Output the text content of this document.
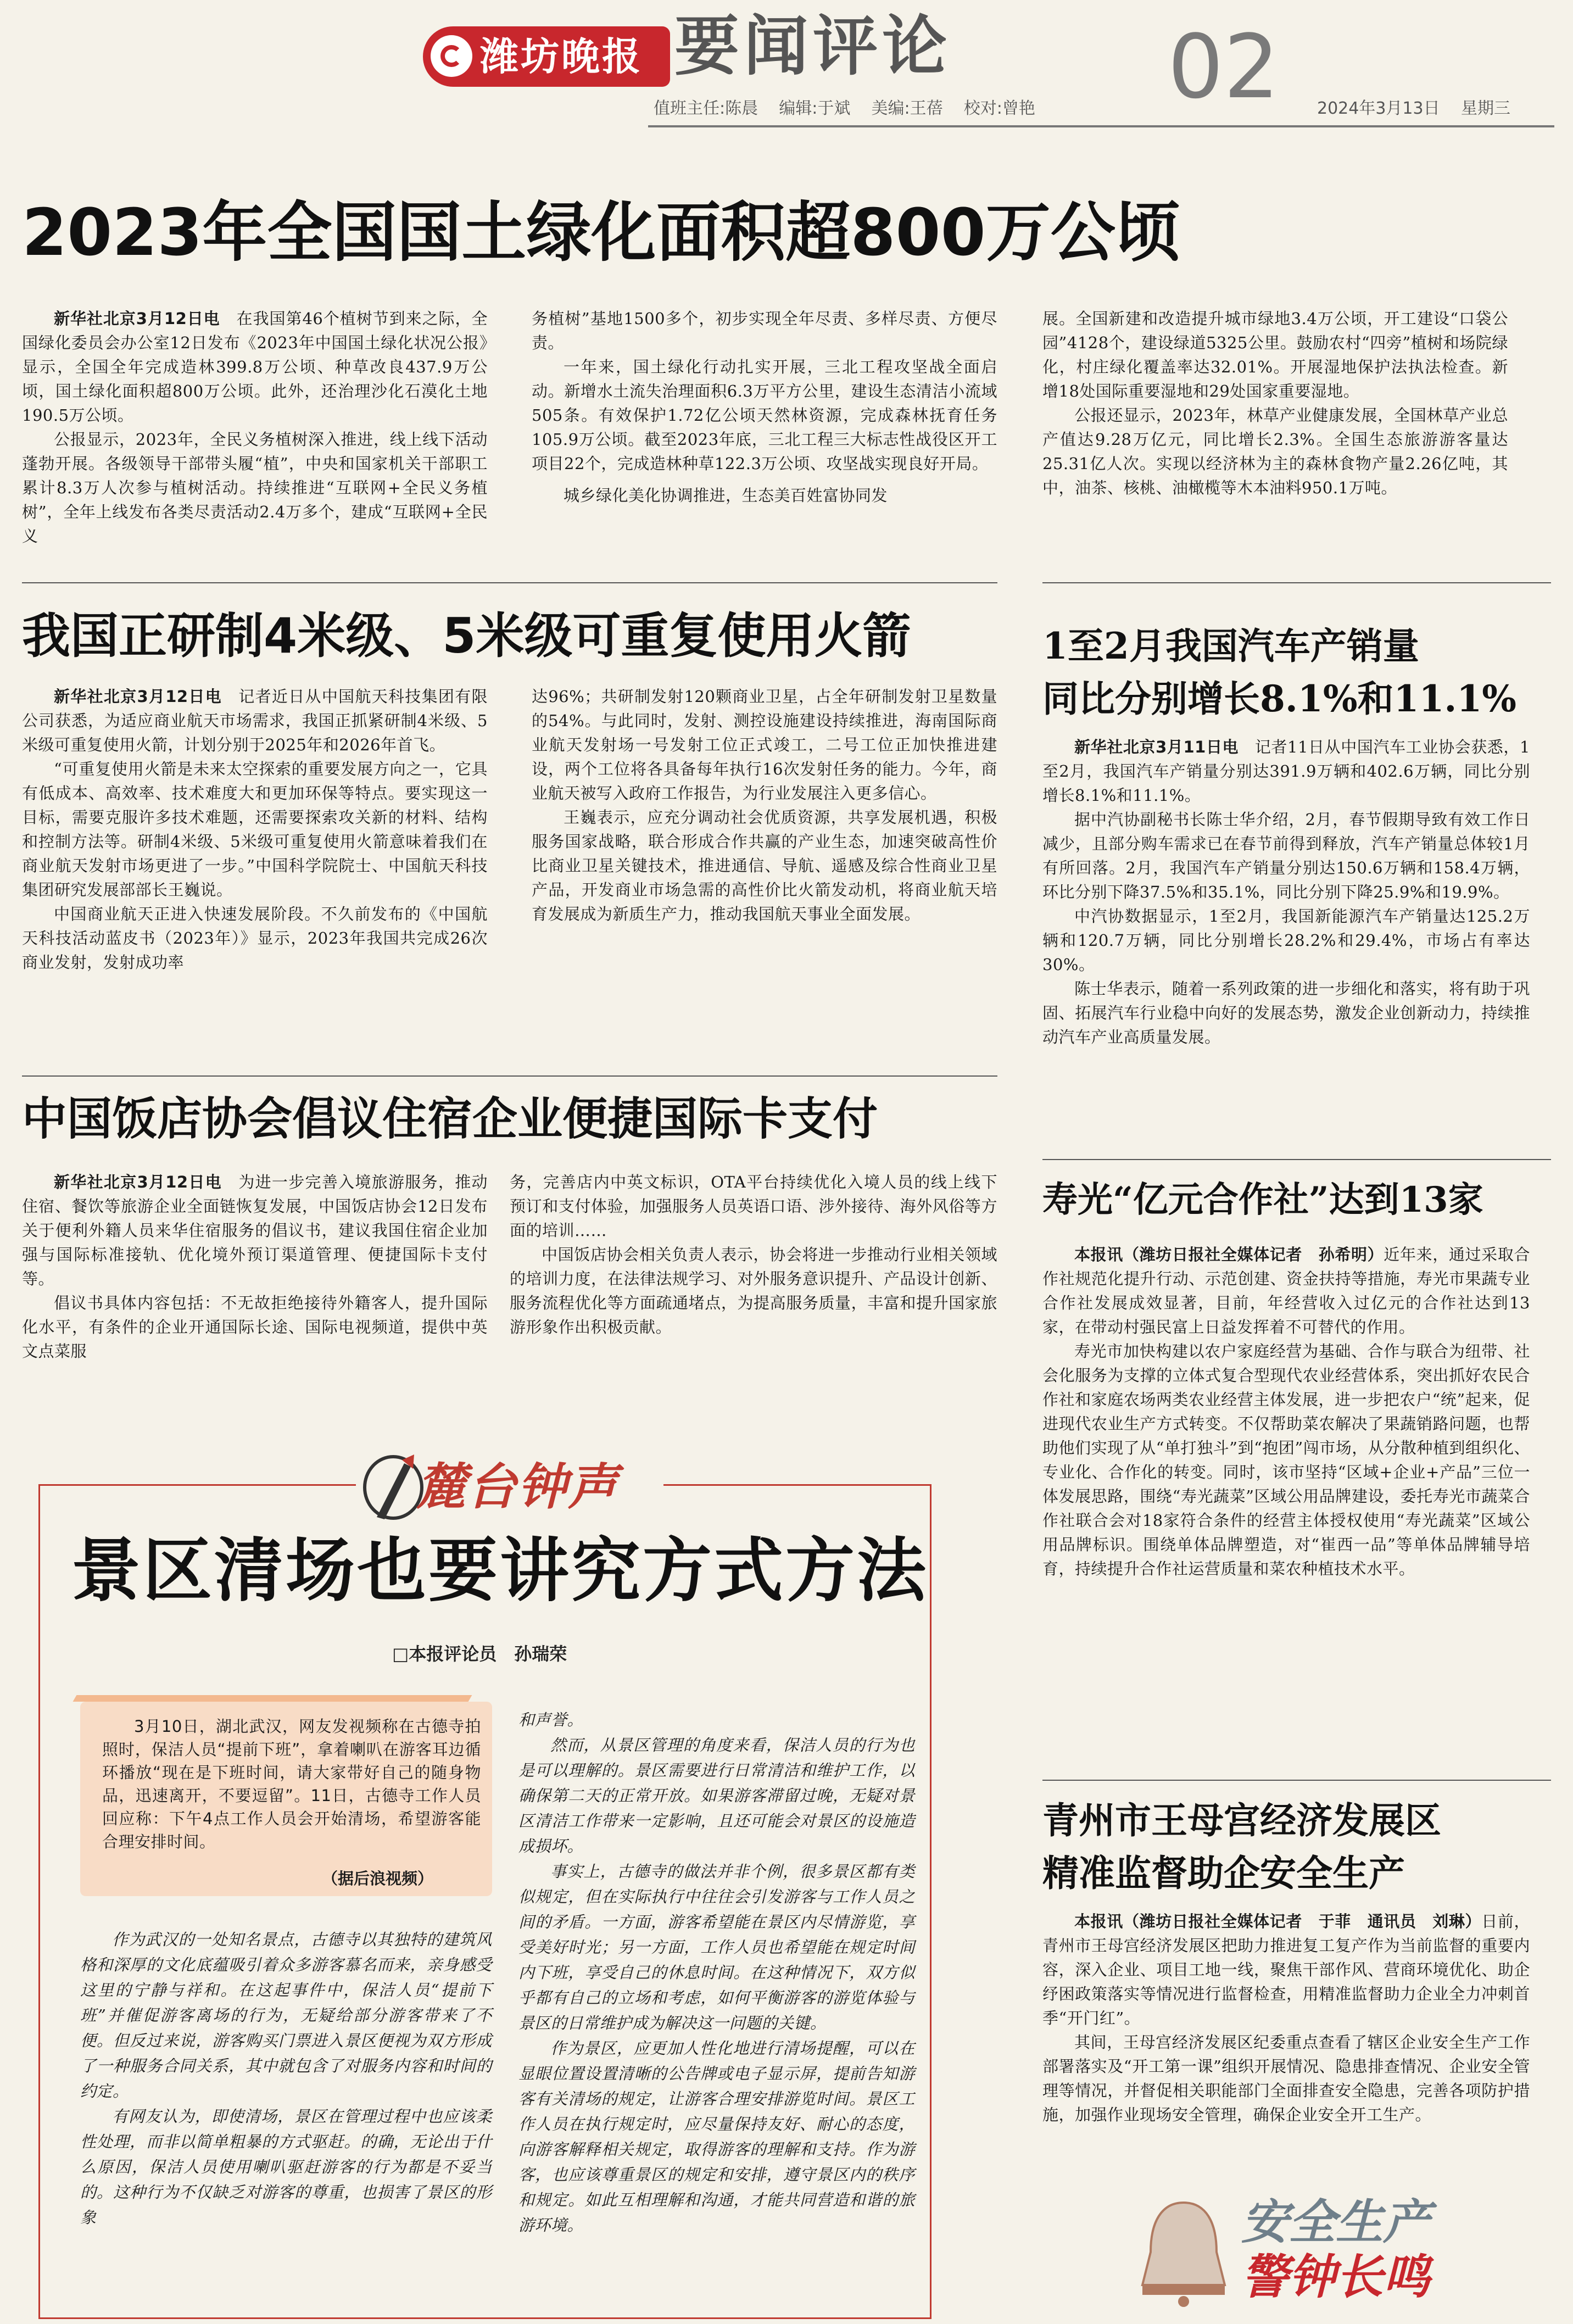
潍坊晚报 要闻评论 02
值班主任:陈晨    编辑:于斌    美编:王蓓    校对:曾艳	2024年3月13日 星期三
2023年全国国土绿化面积超800万公顷

新华社北京3月12日电　 在我国第46个植树节到来之际，全国绿化委员会办公室12日发布《2023年中国国土绿化状况公报》显示，全国全年完成造林399.8万公顷、种草改良437.9万公顷，国土绿化面积超800万公顷。此外，还治理沙化石漠化土地190.5万公顷。

公报显示，2023年，全民义务植树深入推进，线上线下活动蓬勃开展。各级领导干部带头履“植”，中央和国家机关干部职工累计8.3万人次参与植树活动。持续推进“互联网+全民义务植树”，全年上线发布各类尽责活动2.4万多个，建成“互联网+全民义

务植树”基地1500多个，初步实现全年尽责、多样尽责、方便尽责。

一年来，国土绿化行动扎实开展，三北工程攻坚战全面启动。新增水土流失治理面积6.3万平方公里，建设生态清洁小流域505条。有效保护1.72亿公顷天然林资源，完成森林抚育任务105.9万公顷。截至2023年底，三北工程三大标志性战役区开工项目22个，完成造林种草122.3万公顷、攻坚战实现良好开局。

城乡绿化美化协调推进，生态美百姓富协同发

展。全国新建和改造提升城市绿地3.4万公顷，开工建设“口袋公园”4128个，建设绿道5325公里。鼓励农村“四旁”植树和场院绿化，村庄绿化覆盖率达32.01%。开展湿地保护法执法检查。新增18处国际重要湿地和29处国家重要湿地。

公报还显示，2023年，林草产业健康发展，全国林草产业总产值达9.28万亿元，同比增长2.3%。全国生态旅游游客量达25.31亿人次。实现以经济林为主的森林食物产量2.26亿吨，其中，油茶、核桃、油橄榄等木本油料950.1万吨。

我国正研制4米级、5米级可重复使用火箭

新华社北京3月12日电　 记者近日从中国航天科技集团有限公司获悉，为适应商业航天市场需求，我国正抓紧研制4米级、5米级可重复使用火箭，计划分别于2025年和2026年首飞。

“可重复使用火箭是未来太空探索的重要发展方向之一，它具有低成本、高效率、技术难度大和更加环保等特点。要实现这一目标，需要克服许多技术难题，还需要探索攻关新的材料、结构和控制方法等。研制4米级、5米级可重复使用火箭意味着我们在商业航天发射市场更进了一步。”中国科学院院士、中国航天科技集团研究发展部部长王巍说。

中国商业航天正进入快速发展阶段。不久前发布的《中国航天科技活动蓝皮书（2023年）》显示，2023年我国共完成26次商业发射，发射成功率

达96%；共研制发射120颗商业卫星，占全年研制发射卫星数量的54%。与此同时，发射、测控设施建设持续推进，海南国际商业航天发射场一号发射工位正式竣工，二号工位正加快推进建设，两个工位将各具备每年执行16次发射任务的能力。今年，商业航天被写入政府工作报告，为行业发展注入更多信心。

王巍表示，应充分调动社会优质资源，共享发展机遇，积极服务国家战略，联合形成合作共赢的产业生态，加速突破高性价比商业卫星关键技术，推进通信、导航、遥感及综合性商业卫星产品，开发商业市场急需的高性价比火箭发动机，将商业航天培育发展成为新质生产力，推动我国航天事业全面发展。

中国饭店协会倡议住宿企业便捷国际卡支付

新华社北京3月12日电　 为进一步完善入境旅游服务，推动住宿、餐饮等旅游企业全面链恢复发展，中国饭店协会12日发布关于便利外籍人员来华住宿服务的倡议书，建议我国住宿企业加强与国际标准接轨、优化境外预订渠道管理、便捷国际卡支付等。

倡议书具体内容包括：不无故拒绝接待外籍客人，提升国际化水平，有条件的企业开通国际长途、国际电视频道，提供中英文点菜服

务，完善店内中英文标识，OTA平台持续优化入境人员的线上线下预订和支付体验，加强服务人员英语口语、涉外接待、海外风俗等方面的培训……

中国饭店协会相关负责人表示，协会将进一步推动行业相关领域的培训力度，在法律法规学习、对外服务意识提升、产品设计创新、服务流程优化等方面疏通堵点，为提高服务质量，丰富和提升国家旅游形象作出积极贡献。

1至2月我国汽车产销量
同比分别增长8.1%和11.1%

新华社北京3月11日电　 记者11日从中国汽车工业协会获悉，1至2月，我国汽车产销量分别达391.9万辆和402.6万辆，同比分别增长8.1%和11.1%。

据中汽协副秘书长陈士华介绍，2月，春节假期导致有效工作日减少，且部分购车需求已在春节前得到释放，汽车产销量总体较1月有所回落。2月，我国汽车产销量分别达150.6万辆和158.4万辆，环比分别下降37.5%和35.1%，同比分别下降25.9%和19.9%。

中汽协数据显示，1至2月，我国新能源汽车产销量达125.2万辆和120.7万辆，同比分别增长28.2%和29.4%，市场占有率达30%。

陈士华表示，随着一系列政策的进一步细化和落实，将有助于巩固、拓展汽车行业稳中向好的发展态势，激发企业创新动力，持续推动汽车产业高质量发展。

寿光“亿元合作社”达到13家

本报讯（潍坊日报社全媒体记者　孙希明）近年来，通过采取合作社规范化提升行动、示范创建、资金扶持等措施，寿光市果蔬专业合作社发展成效显著，目前，年经营收入过亿元的合作社达到13家，在带动村强民富上日益发挥着不可替代的作用。

寿光市加快构建以农户家庭经营为基础、合作与联合为纽带、社会化服务为支撑的立体式复合型现代农业经营体系，突出抓好农民合作社和家庭农场两类农业经营主体发展，进一步把农户“统”起来，促进现代农业生产方式转变。不仅帮助菜农解决了果蔬销路问题，也帮助他们实现了从“单打独斗”到“抱团”闯市场，从分散种植到组织化、专业化、合作化的转变。同时，该市坚持“区域+企业+产品”三位一体发展思路，围绕“寿光蔬菜”区域公用品牌建设，委托寿光市蔬菜合作社联合会对18家符合条件的经营主体授权使用“寿光蔬菜”区域公用品牌标识。围绕单体品牌塑造，对“崔西一品”等单体品牌辅导培育，持续提升合作社运营质量和菜农种植技术水平。

青州市王母宫经济发展区
精准监督助企安全生产

本报讯（潍坊日报社全媒体记者　于菲　通讯员　刘琳）日前，青州市王母宫经济发展区把助力推进复工复产作为当前监督的重要内容，深入企业、项目工地一线，聚焦干部作风、营商环境优化、助企纾困政策落实等情况进行监督检查，用精准监督助力企业全力冲刺首季“开门红”。

其间，王母宫经济发展区纪委重点查看了辖区企业安全生产工作部署落实及“开工第一课”组织开展情况、隐患排查情况、企业安全管理等情况，并督促相关职能部门全面排查安全隐患，完善各项防护措施，加强作业现场安全管理，确保企业安全开工生产。

安全生产
警钟长鸣
麓台钟声
景区清场也要讲究方式方法
□本报评论员　孙瑞荣

3月10日，湖北武汉，网友发视频称在古德寺拍照时，保洁人员“提前下班”，拿着喇叭在游客耳边循环播放“现在是下班时间，请大家带好自己的随身物品，迅速离开，不要逗留”。11日，古德寺工作人员回应称：下午4点工作人员会开始清场，希望游客能合理安排时间。

（据后浪视频）

作为武汉的一处知名景点，古德寺以其独特的建筑风格和深厚的文化底蕴吸引着众多游客慕名而来，亲身感受这里的宁静与祥和。在这起事件中，保洁人员“提前下班”并催促游客离场的行为，无疑给部分游客带来了不便。但反过来说，游客购买门票进入景区便视为双方形成了一种服务合同关系，其中就包含了对服务内容和时间的约定。

有网友认为，即使清场，景区在管理过程中也应该柔性处理，而非以简单粗暴的方式驱赶。的确，无论出于什么原因，保洁人员使用喇叭驱赶游客的行为都是不妥当的。这种行为不仅缺乏对游客的尊重，也损害了景区的形象

和声誉。

然而，从景区管理的角度来看，保洁人员的行为也是可以理解的。景区需要进行日常清洁和维护工作，以确保第二天的正常开放。如果游客滞留过晚，无疑对景区清洁工作带来一定影响，且还可能会对景区的设施造成损坏。

事实上，古德寺的做法并非个例，很多景区都有类似规定，但在实际执行中往往会引发游客与工作人员之间的矛盾。一方面，游客希望能在景区内尽情游览，享受美好时光；另一方面，工作人员也希望能在规定时间内下班，享受自己的休息时间。在这种情况下，双方似乎都有自己的立场和考虑，如何平衡游客的游览体验与景区的日常维护成为解决这一问题的关键。

作为景区，应更加人性化地进行清场提醒，可以在显眼位置设置清晰的公告牌或电子显示屏，提前告知游客有关清场的规定，让游客合理安排游览时间。景区工作人员在执行规定时，应尽量保持友好、耐心的态度，向游客解释相关规定，取得游客的理解和支持。作为游客，也应该尊重景区的规定和安排，遵守景区内的秩序和规定。如此互相理解和沟通，才能共同营造和谐的旅游环境。
